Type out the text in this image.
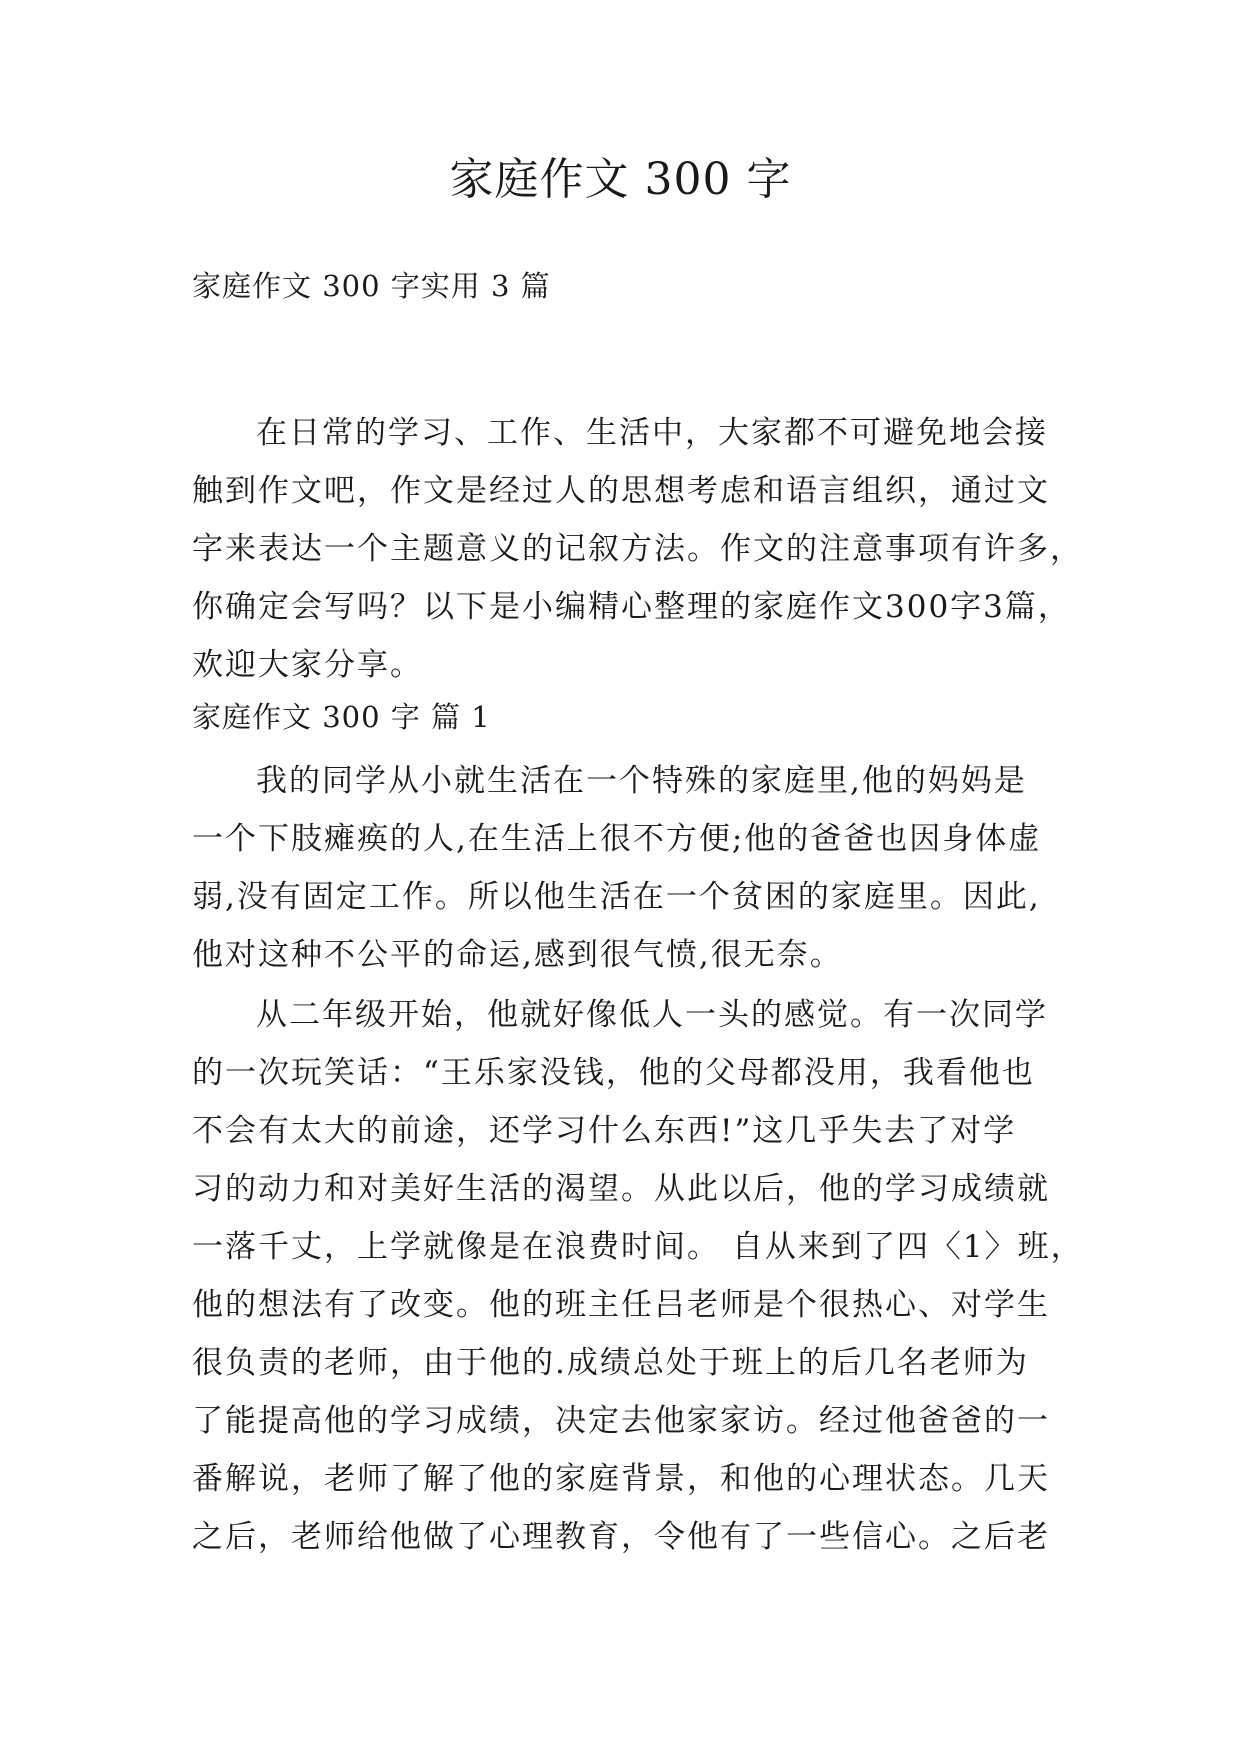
家庭作文 300 字

家庭作文 300 字实用 3 篇

在日常的学习、工作、生活中，大家都不可避免地会接
触到作文吧，作文是经过人的思想考虑和语言组织，通过文
字来表达一个主题意义的记叙方法。作文的注意事项有许多，
你确定会写吗？以下是小编精心整理的家庭作文300字3篇，
欢迎大家分享。

家庭作文 300 字 篇 1

我的同学从小就生活在一个特殊的家庭里,他的妈妈是
一个下肢瘫痪的人,在生活上很不方便;他的爸爸也因身体虚
弱,没有固定工作。所以他生活在一个贫困的家庭里。因此,
他对这种不公平的命运,感到很气愤,很无奈。
从二年级开始，他就好像低人一头的感觉。有一次同学
的一次玩笑话：“王乐家没钱，他的父母都没用，我看他也
不会有太大的前途，还学习什么东西!”这几乎失去了对学
习的动力和对美好生活的渴望。从此以后，他的学习成绩就
一落千丈，上学就像是在浪费时间。 自从来到了四〈1〉班，
他的想法有了改变。他的班主任吕老师是个很热心、对学生
很负责的老师，由于他的.成绩总处于班上的后几名老师为
了能提高他的学习成绩，决定去他家家访。经过他爸爸的一
番解说，老师了解了他的家庭背景，和他的心理状态。几天
之后，老师给他做了心理教育，令他有了一些信心。之后老
